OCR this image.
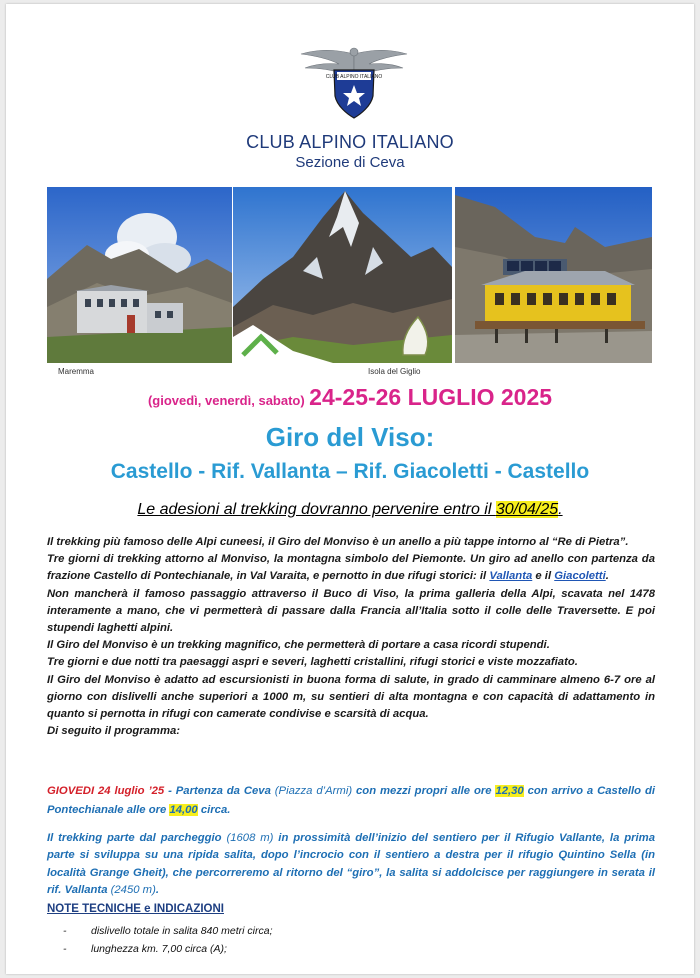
CLUB ALPINO ITALIANO
CLUB ALPINO ITALIANO
Sezione di Ceva
Maremma	Isola del Giglio
(giovedì, venerdì, sabato) 24-25-26 LUGLIO 2025
Giro del Viso:
Castello - Rif. Vallanta – Rif. Giacoletti - Castello
Le adesioni al trekking dovranno pervenire entro il 30/04/25.

Il trekking più famoso delle Alpi cuneesi, il Giro del Monviso è un anello a più tappe intorno al “Re di Pietra”.

Tre giorni di trekking attorno al Monviso, la montagna simbolo del Piemonte. Un giro ad anello con partenza da frazione Castello di Pontechianale, in Val Varaita, e pernotto in due rifugi storici: il Vallanta e il Giacoletti.

Non mancherà il famoso passaggio attraverso il Buco di Viso, la prima galleria della Alpi, scavata nel 1478 interamente a mano, che vi permetterà di passare dalla Francia all’Italia sotto il colle delle Traversette. E poi stupendi laghetti alpini.

Il Giro del Monviso è un trekking magnifico, che permetterà di portare a casa ricordi stupendi.

Tre giorni e due notti tra paesaggi aspri e severi, laghetti cristallini, rifugi storici e viste mozzafiato.

Il Giro del Monviso è adatto ad escursionisti in buona forma di salute, in grado di camminare almeno 6-7 ore al giorno con dislivelli anche superiori a 1000 m, su sentieri di alta montagna e con capacità di adattamento in quanto si pernotta in rifugi con camerate condivise e scarsità di acqua.

Di seguito il programma:

GIOVEDI 24 luglio ’25 - Partenza da Ceva (Piazza d’Armi) con mezzi propri alle ore 12,30 con arrivo a Castello di Pontechianale alle ore 14,00 circa.
Il trekking parte dal parcheggio (1608 m) in prossimità dell’inizio del sentiero per il Rifugio Vallante, la prima parte si sviluppa su una ripida salita, dopo l’incrocio con il sentiero a destra per il rifugio Quintino Sella (in località Grange Gheit), che percorreremo al ritorno del “giro”, la salita si addolcisce per raggiungere in serata il rif. Vallanta (2450 m).
NOTE TECNICHE e INDICAZIONI
- dislivello totale in salita 840 metri circa;
- lunghezza km. 7,00 circa (A);
